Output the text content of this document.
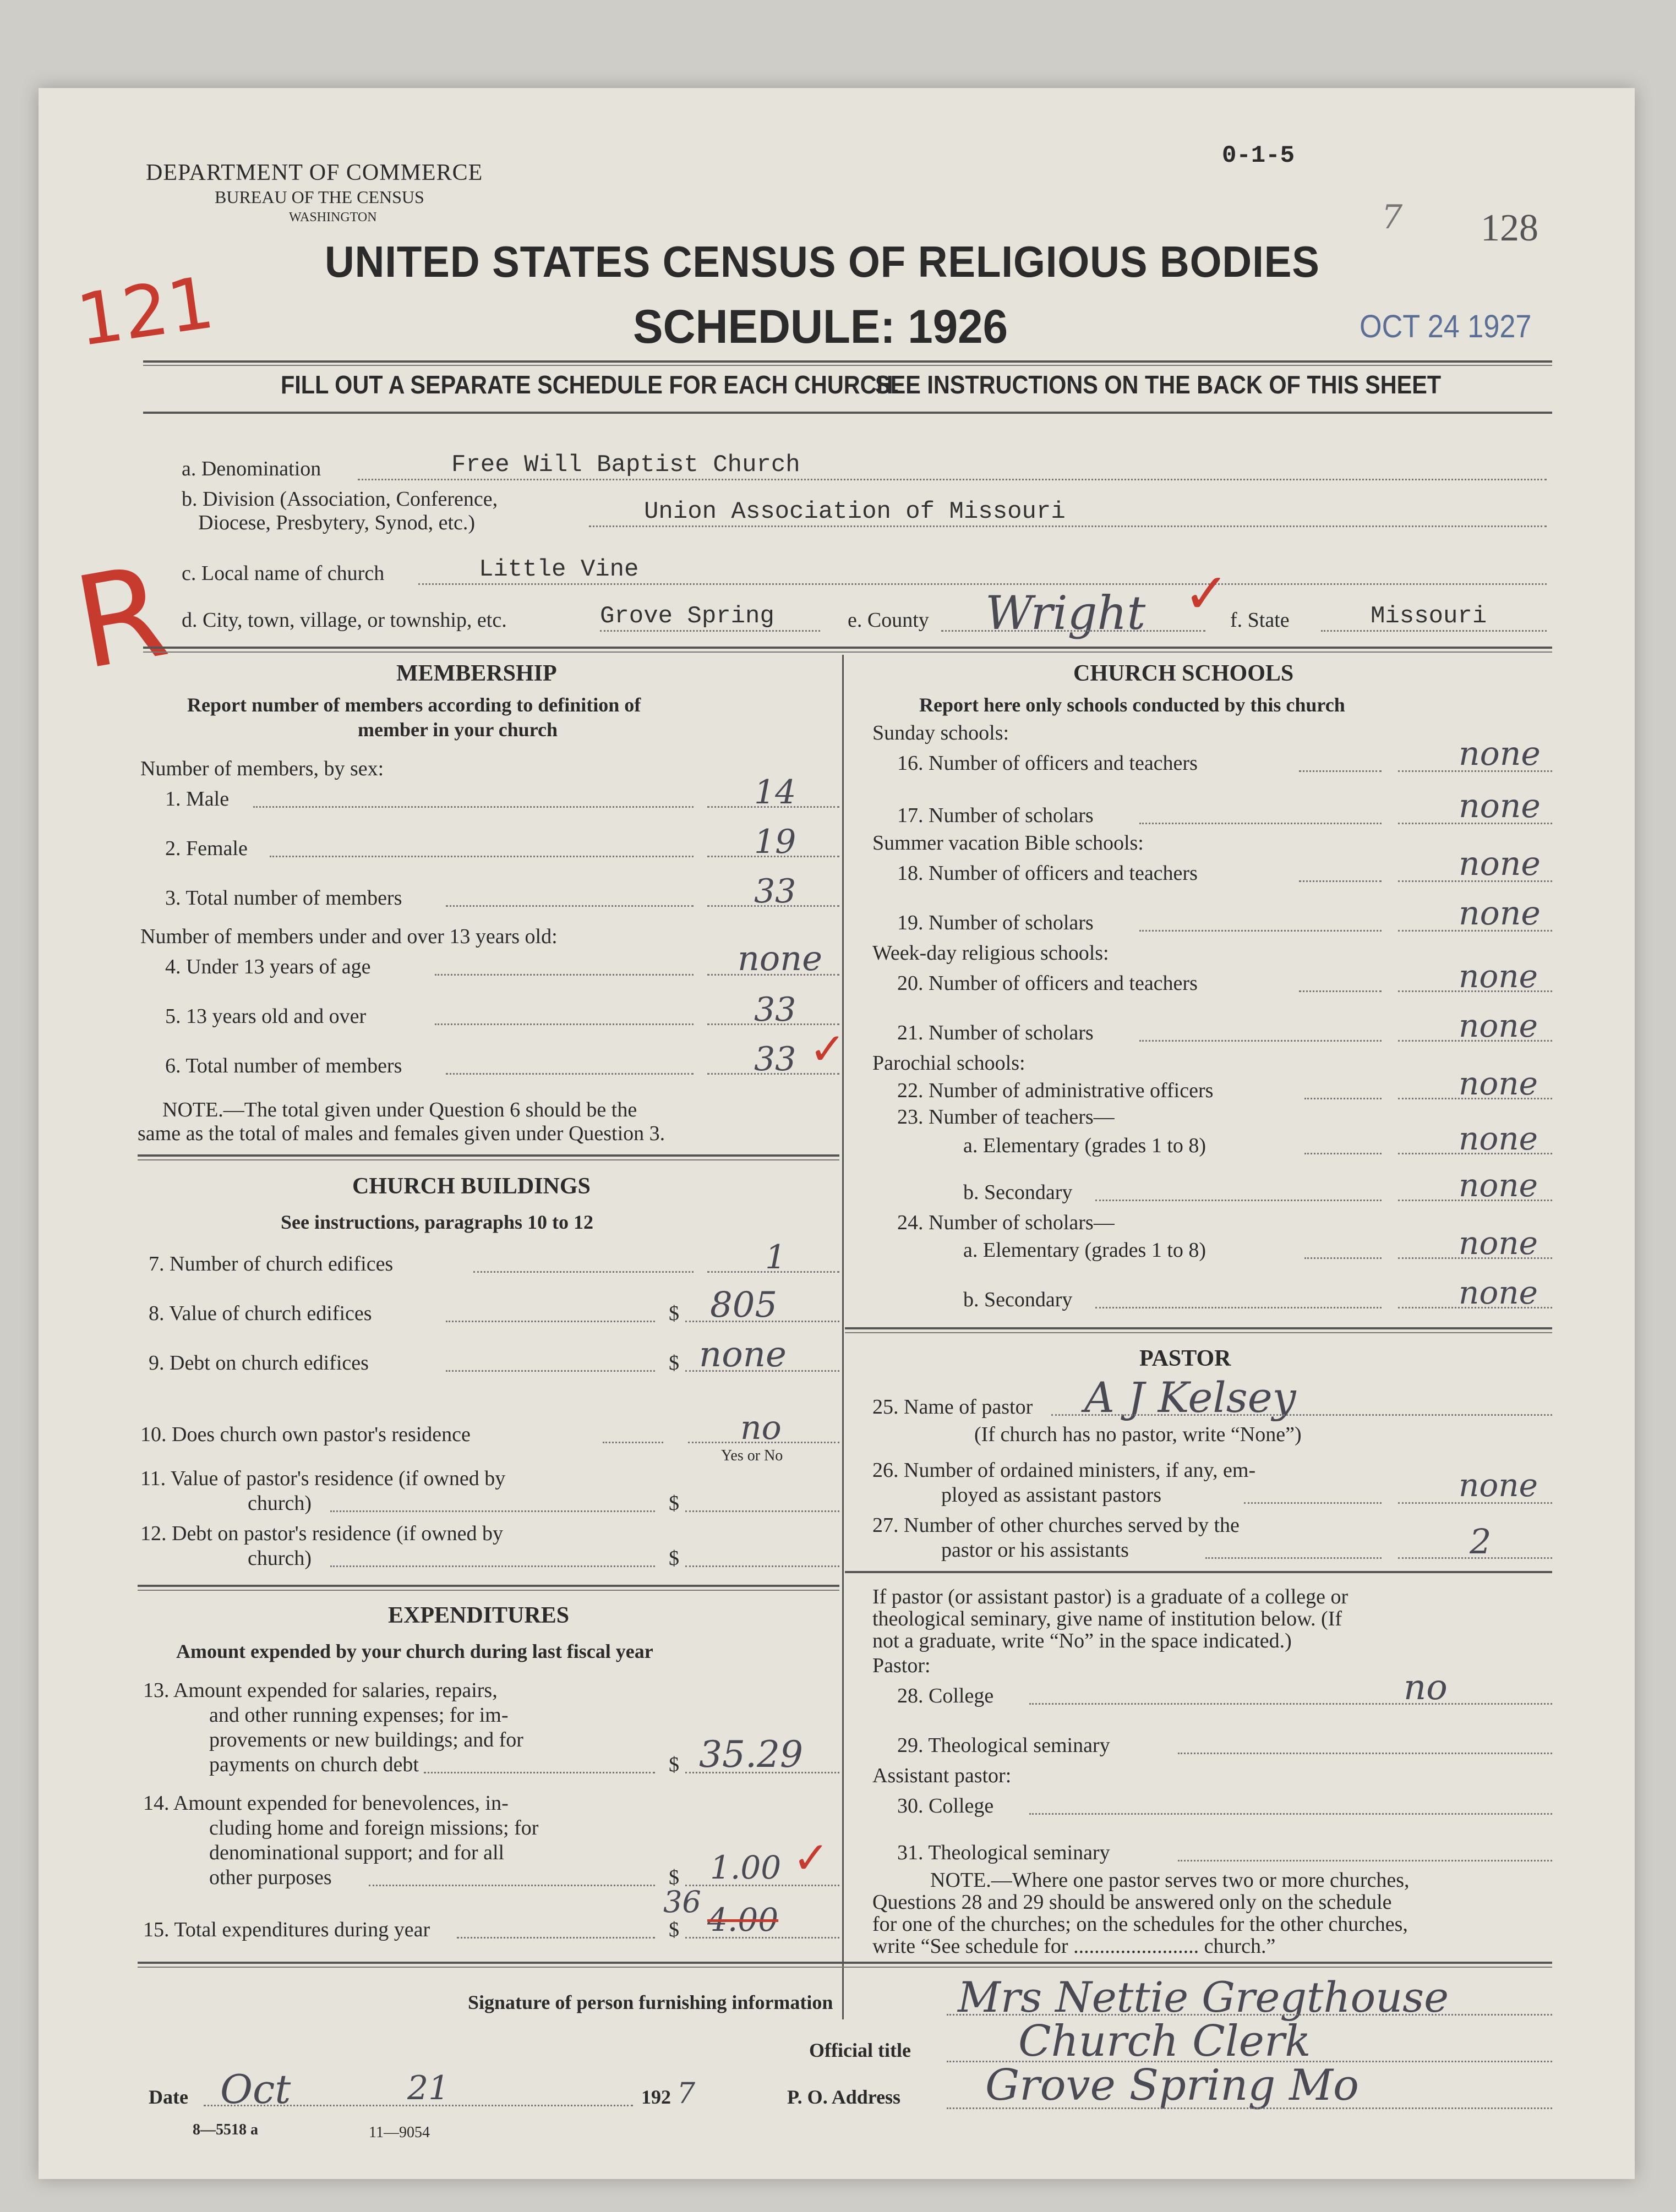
DEPARTMENT OF COMMERCE
BUREAU OF THE CENSUS
WASHINGTON
0-1-5
7 128
OCT 24 1927
UNITED STATES CENSUS OF RELIGIOUS BODIES
SCHEDULE: 1926
121
R
FILL OUT A SEPARATE SCHEDULE FOR EACH CHURCH.
SEE INSTRUCTIONS ON THE BACK OF THIS SHEET
a. Denomination	Free Will Baptist Church
b. Division (Association, Conference,
Diocese, Presbytery, Synod, etc.)	Union Association of Missouri
c. Local name of church	Little Vine
d. City, town, village, or township, etc.	Grove Spring	e. County Wright ✓ f. State	Missouri
MEMBERSHIP
Report number of members according to definition of
member in your church
Number of members, by sex:
1. Male	14
2. Female	19
3. Total number of members	33
Number of members under and over 13 years old:
4. Under 13 years of age	none
5. 13 years old and over	33
6. Total number of members	33 ✓
NOTE.—The total given under Question 6 should be the
same as the total of males and females given under Question 3.
CHURCH BUILDINGS
See instructions, paragraphs 10 to 12
7. Number of church edifices	1
8. Value of church edifices	$ 805
9. Debt on church edifices	$ none
10. Does church own pastor's residence	no
Yes or No
11. Value of pastor's residence (if owned by
church)	$
12. Debt on pastor's residence (if owned by
church)	$
EXPENDITURES
Amount expended by your church during last fiscal year
13. Amount expended for salaries, repairs,
and other running expenses; for im-
provements or new buildings; and for
payments on church debt	$ 35.29
14. Amount expended for benevolences, in-
cluding home and foreign missions; for
denominational support; and for all
other purposes	$ 1.00 ✓
36
15. Total expenditures during year	$ 4.00
CHURCH SCHOOLS
Report here only schools conducted by this church
Sunday schools:
16. Number of officers and teachers	none
17. Number of scholars	none
Summer vacation Bible schools:
18. Number of officers and teachers	none
19. Number of scholars	none
Week-day religious schools:
20. Number of officers and teachers	none
21. Number of scholars	none
Parochial schools:
22. Number of administrative officers	none
23. Number of teachers—
a. Elementary (grades 1 to 8)	none
b. Secondary	none
24. Number of scholars—
a. Elementary (grades 1 to 8)	none
b. Secondary	none
PASTOR
25. Name of pastor A J Kelsey
(If church has no pastor, write “None”)
26. Number of ordained ministers, if any, em-
ployed as assistant pastors	none
27. Number of other churches served by the
pastor or his assistants	2
If pastor (or assistant pastor) is a graduate of a college or
theological seminary, give name of institution below. (If
not a graduate, write “No” in the space indicated.)
Pastor:
28. College	no
29. Theological seminary
Assistant pastor:
30. College
31. Theological seminary
NOTE.—Where one pastor serves two or more churches,
Questions 28 and 29 should be answered only on the schedule
for one of the churches; on the schedules for the other churches,
write “See schedule for ........................ church.”
Signature of person furnishing information	Mrs Nettie Gregthouse
Official title	Church Clerk
Date Oct	21	192 7	P. O. Address Grove Spring Mo
8—5518 a	11—9054
